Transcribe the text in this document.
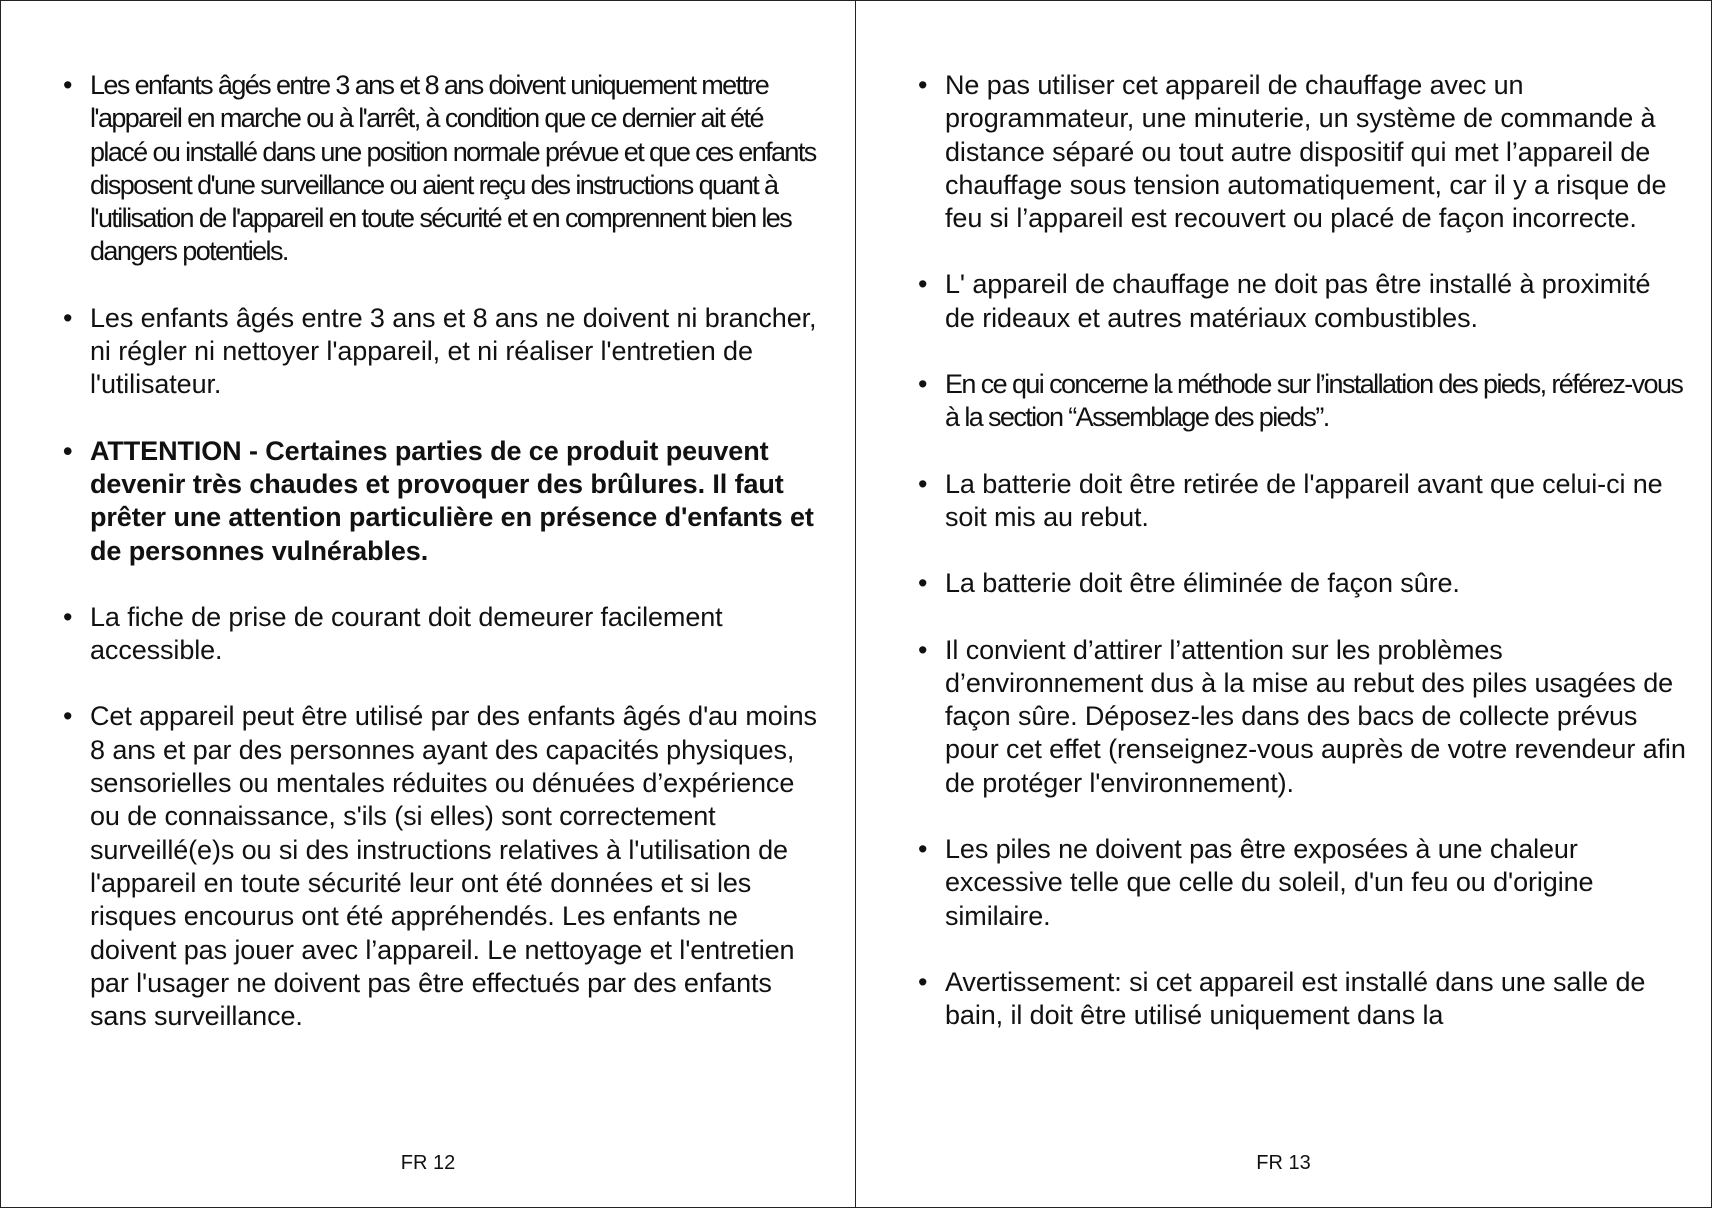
• Les enfants âgés entre 3 ans et 8 ans doivent uniquement mettre l'appareil en marche ou à l'arrêt, à condition que ce dernier ait été placé ou installé dans une position normale prévue et que ces enfants disposent d'une surveillance ou aient reçu des instructions quant à l'utilisation de l'appareil en toute sécurité et en comprennent bien les dangers potentiels.
• Les enfants âgés entre 3 ans et 8 ans ne doivent ni brancher, ni régler ni nettoyer l'appareil, et ni réaliser l'entretien de l'utilisateur.
• ATTENTION - Certaines parties de ce produit peuvent devenir très chaudes et provoquer des brûlures. Il faut prêter une attention particulière en présence d'enfants et de personnes vulnérables.
• La fiche de prise de courant doit demeurer facilement accessible.
• Cet appareil peut être utilisé par des enfants âgés d'au moins 8 ans et par des personnes ayant des capacités physiques, sensorielles ou mentales réduites ou dénuées d’expérience ou de connaissance, s'ils (si elles) sont correctement surveillé(e)s ou si des instructions relatives à l'utilisation de l'appareil en toute sécurité leur ont été données et si les risques encourus ont été appréhendés. Les enfants ne doivent pas jouer avec l’appareil. Le nettoyage et l'entretien par l'usager ne doivent pas être effectués par des enfants sans surveillance.
FR 12
• Ne pas utiliser cet appareil de chauffage avec un programmateur, une minuterie, un système de commande à distance séparé ou tout autre dispositif qui met l’appareil de chauffage sous tension automatiquement, car il y a risque de feu si l’appareil est recouvert ou placé de façon incorrecte.
• L' appareil de chauffage ne doit pas être installé à proximité de rideaux et autres matériaux combustibles.
• En ce qui concerne la méthode sur l’installation des pieds, référez-vous à la section “Assemblage des pieds”.
• La batterie doit être retirée de l'appareil avant que celui-ci ne soit mis au rebut.
• La batterie doit être éliminée de façon sûre.
• Il convient d’attirer l’attention sur les problèmes d’environnement dus à la mise au rebut des piles usagées de façon sûre. Déposez-les dans des bacs de collecte prévus pour cet effet (renseignez-vous auprès de votre revendeur afin de protéger l'environnement).
• Les piles ne doivent pas être exposées à une chaleur excessive telle que celle du soleil, d'un feu ou d'origine similaire.
• Avertissement: si cet appareil est installé dans une salle de bain, il doit être utilisé uniquement dans la
FR 13
